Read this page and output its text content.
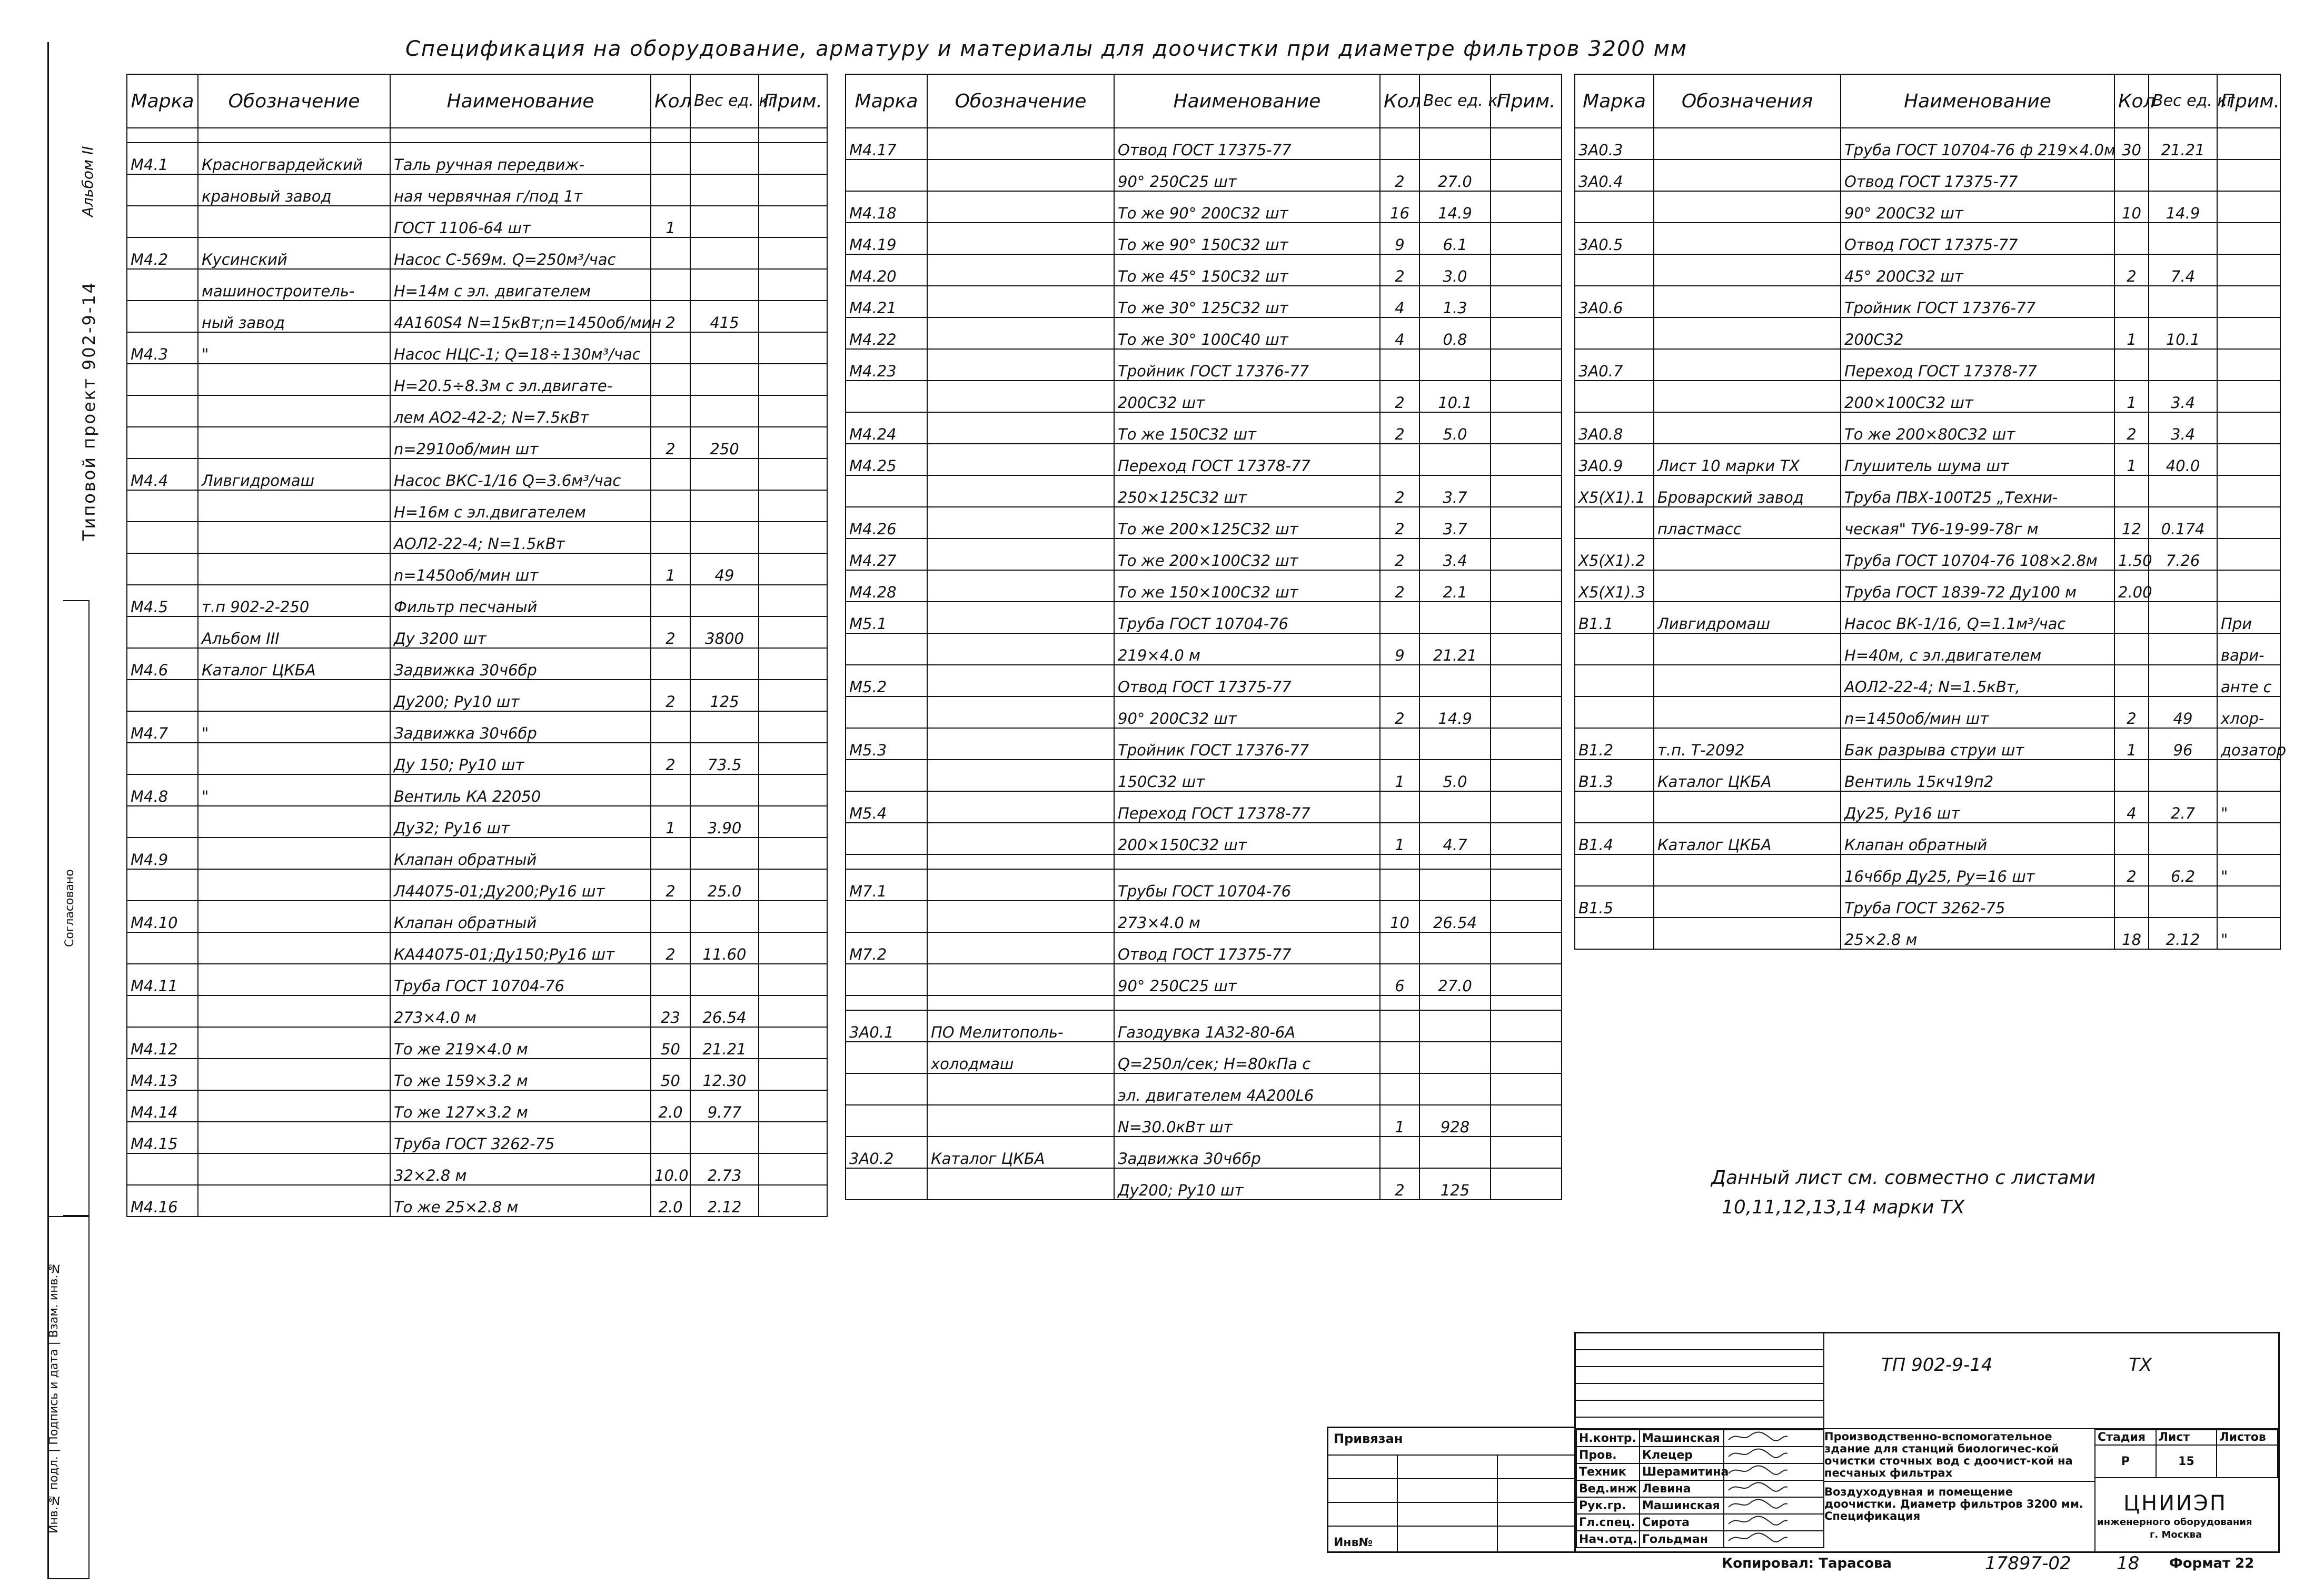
Спецификация на оборудование, арматуру и материалы для доочистки при диаметре фильтров 3200 мм
Альбом II
Типовой проект 902-9-14
Инв.№ подл. | Подпись и дата | Взам. инв.№
Согласовано
Марка	Обозначение	Наименование	Кол	Вес ед. кг	Прим.

М4.1	Красногвардейский	Таль ручная передвиж-			
	крановый завод	ная червячная г/под 1т			
		ГОСТ 1106-64 шт	1		
М4.2	Кусинский	Насос С-569м. Q=250м³/час			
	машиностроитель-	Н=14м с эл. двигателем			
	ный завод	4А160S4 N=15кВт;n=1450об/мин	2	415	
М4.3	"	Насос НЦС-1; Q=18÷130м³/час			
		Н=20.5÷8.3м с эл.двигате-			
		лем АО2-42-2; N=7.5кВт			
		n=2910об/мин шт	2	250	
М4.4	Ливгидромаш	Насос ВКС-1/16 Q=3.6м³/час			
		Н=16м с эл.двигателем			
		АОЛ2-22-4; N=1.5кВт			
		n=1450об/мин шт	1	49	
М4.5	т.п 902-2-250	Фильтр песчаный			
	Альбом III	Ду 3200 шт	2	3800	
М4.6	Каталог ЦКБА	Задвижка 30ч6бр			
		Ду200; Ру10 шт	2	125	
М4.7	"	Задвижка 30ч6бр			
		Ду 150; Ру10 шт	2	73.5	
М4.8	"	Вентиль КА 22050			
		Ду32; Ру16 шт	1	3.90	
М4.9		Клапан обратный			
		Л44075-01;Ду200;Ру16 шт	2	25.0	
М4.10		Клапан обратный			
		КА44075-01;Ду150;Ру16 шт	2	11.60	
М4.11		Труба ГОСТ 10704-76			
		273×4.0 м	23	26.54	
М4.12		То же 219×4.0 м	50	21.21	
М4.13		То же 159×3.2 м	50	12.30	
М4.14		То же 127×3.2 м	2.0	9.77	
М4.15		Труба ГОСТ 3262-75			
		32×2.8 м	10.0	2.73	
М4.16		То же 25×2.8 м	2.0	2.12	
Марка	Обозначение	Наименование	Кол	Вес ед. кг	Прим.
М4.17		Отвод ГОСТ 17375-77			
		90° 250С25 шт	2	27.0	
М4.18		То же 90° 200С32 шт	16	14.9	
М4.19		То же 90° 150С32 шт	9	6.1	
М4.20		То же 45° 150С32 шт	2	3.0	
М4.21		То же 30° 125С32 шт	4	1.3	
М4.22		То же 30° 100С40 шт	4	0.8	
М4.23		Тройник ГОСТ 17376-77			
		200С32 шт	2	10.1	
М4.24		То же 150С32 шт	2	5.0	
М4.25		Переход ГОСТ 17378-77			
		250×125С32 шт	2	3.7	
М4.26		То же 200×125С32 шт	2	3.7	
М4.27		То же 200×100С32 шт	2	3.4	
М4.28		То же 150×100С32 шт	2	2.1	
М5.1		Труба ГОСТ 10704-76			
		219×4.0 м	9	21.21	
М5.2		Отвод ГОСТ 17375-77			
		90° 200С32 шт	2	14.9	
М5.3		Тройник ГОСТ 17376-77			
		150С32 шт	1	5.0	
М5.4		Переход ГОСТ 17378-77			
		200×150С32 шт	1	4.7	

М7.1		Трубы ГОСТ 10704-76			
		273×4.0 м	10	26.54	
М7.2		Отвод ГОСТ 17375-77			
		90° 250С25 шт	6	27.0	

3А0.1	ПО Мелитополь-	Газодувка 1А32-80-6А			
	холодмаш	Q=250л/сек; Н=80кПа с			
		эл. двигателем 4А200L6			
		N=30.0кВт шт	1	928	
3А0.2	Каталог ЦКБА	Задвижка 30ч6бр			
		Ду200; Ру10 шт	2	125	
Марка	Обозначения	Наименование	Кол	Вес ед. кг	Прим.
3А0.3		Труба ГОСТ 10704-76 ф 219×4.0м	30	21.21	
3А0.4		Отвод ГОСТ 17375-77			
		90° 200С32 шт	10	14.9	
3А0.5		Отвод ГОСТ 17375-77			
		45° 200С32 шт	2	7.4	
3А0.6		Тройник ГОСТ 17376-77			
		200С32	1	10.1	
3А0.7		Переход ГОСТ 17378-77			
		200×100С32 шт	1	3.4	
3А0.8		То же 200×80С32 шт	2	3.4	
3А0.9	Лист 10 марки ТХ	Глушитель шума шт	1	40.0	
Х5(Х1).1	Броварский завод	Труба ПВХ-100Т25 „Техни-			
	пластмасс	ческая" ТУ6-19-99-78г м	12	0.174	
Х5(Х1).2		Труба ГОСТ 10704-76 108×2.8м	1.50	7.26	
Х5(Х1).3		Труба ГОСТ 1839-72 Ду100 м	2.00		
В1.1	Ливгидромаш	Насос ВК-1/16, Q=1.1м³/час			При
		Н=40м, с эл.двигателем			вари-
		АОЛ2-22-4; N=1.5кВт,			анте с
		n=1450об/мин шт	2	49	хлор-
В1.2	т.п. Т-2092	Бак разрыва струи шт	1	96	дозатор
В1.3	Каталог ЦКБА	Вентиль 15кч19п2			
		Ду25, Ру16 шт	4	2.7	"
В1.4	Каталог ЦКБА	Клапан обратный			
		16ч6бр Ду25, Ру=16 шт	2	6.2	"
В1.5		Труба ГОСТ 3262-75			
		25×2.8 м	18	2.12	"
Данный лист см. совместно с листами
10,11,12,13,14 марки ТХ
ТП 902-9-14	ТХ
Н.контр.	Машинская	
Пров.	Клецер	
Техник	Шерамитина	
Вед.инж	Левина	
Рук.гр.	Машинская	
Гл.спец.	Сирота	
Нач.отд.	Гольдман	
Производственно-вспомогательное здание для станций биологичес-кой очистки сточных вод с доочист-кой на песчаных фильтрах
Воздуходувная и помещение доочистки. Диаметр фильтров 3200 мм. Спецификация
Стадия	Лист	Листов
Р	15	
ЦНИИЭП
инженерного оборудования
г. Москва
Привязан
Инв№
Копировал: Тарасова	17897-02	18 Формат 22
